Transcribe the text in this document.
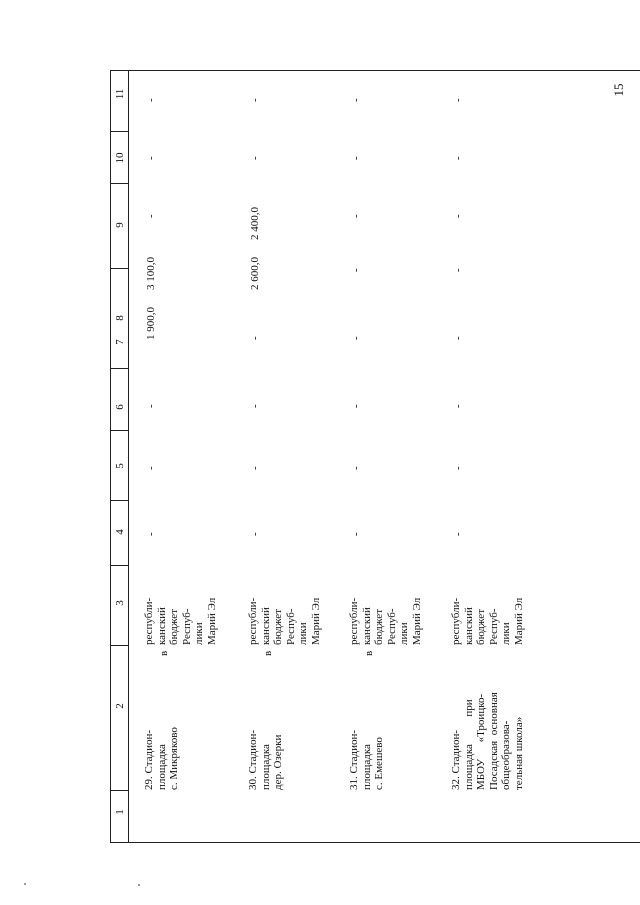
15
11
10
9
8
7
6
5
4
3
2
1
29. Стадион-
площадка
с. Микряково
в
республи-
канский
бюджет
Респуб-
лики
Марий Эл
-
-
-
1 900,0
3 100,0
-
-
-
30. Стадион-
площадка
дер. Озерки
в
республи-
канский
бюджет
Респуб-
лики
Марий Эл
-
-
-
-
2 600,0
2 400,0
-
-
31. Стадион-
площадка
с. Емешево
в
республи-
канский
бюджет
Респуб-
лики
Марий Эл
-
-
-
-
-
-
-
-
32. Стадион-
площадка          при
МБОУ      «Троицко-
Посадская  основная
общеобразова-
тельная школа»
республи-
канский
бюджет
Респуб-
лики
Марий Эл
-
-
-
-
-
-
-
-
